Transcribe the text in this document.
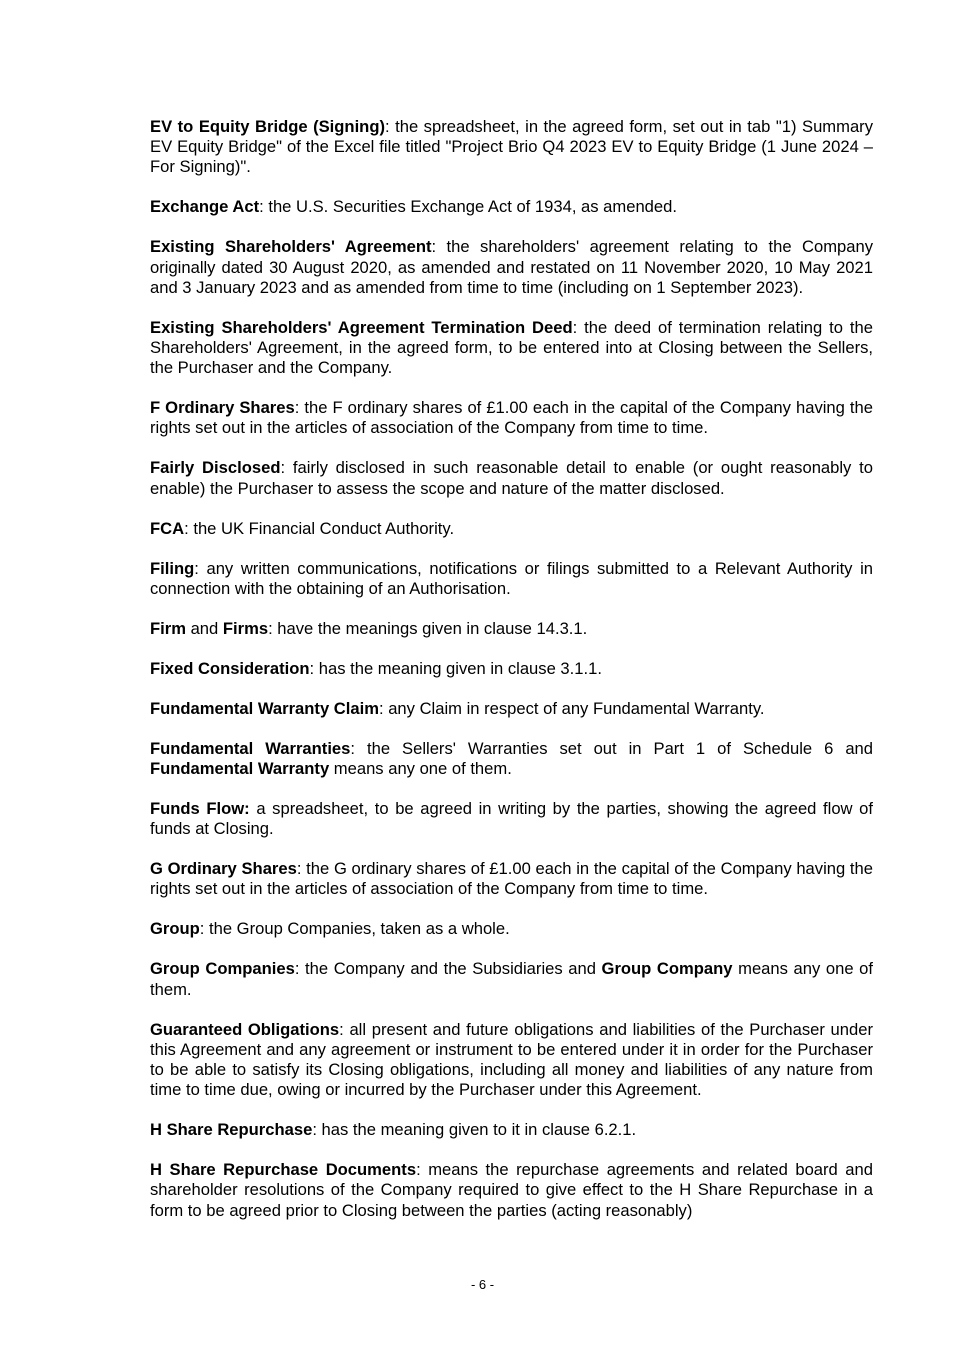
EV to Equity Bridge (Signing): the spreadsheet, in the agreed form, set out in tab "1) Summary EV Equity Bridge" of the Excel file titled "Project Brio Q4 2023 EV to Equity Bridge (1 June 2024 – For Signing)".

Exchange Act: the U.S. Securities Exchange Act of 1934, as amended.

Existing Shareholders' Agreement: the shareholders' agreement relating to the Company originally dated 30 August 2020, as amended and restated on 11 November 2020, 10 May 2021 and 3 January 2023 and as amended from time to time (including on 1 September 2023).

Existing Shareholders' Agreement Termination Deed: the deed of termination relating to the Shareholders' Agreement, in the agreed form, to be entered into at Closing between the Sellers, the Purchaser and the Company.

F Ordinary Shares: the F ordinary shares of £1.00 each in the capital of the Company having the rights set out in the articles of association of the Company from time to time.

Fairly Disclosed: fairly disclosed in such reasonable detail to enable (or ought reasonably to enable) the Purchaser to assess the scope and nature of the matter disclosed.

FCA: the UK Financial Conduct Authority.

Filing: any written communications, notifications or filings submitted to a Relevant Authority in connection with the obtaining of an Authorisation.

Firm and Firms: have the meanings given in clause 14.3.1.

Fixed Consideration: has the meaning given in clause 3.1.1.

Fundamental Warranty Claim: any Claim in respect of any Fundamental Warranty.

Fundamental Warranties: the Sellers' Warranties set out in Part 1 of Schedule 6 and Fundamental Warranty means any one of them.

Funds Flow: a spreadsheet, to be agreed in writing by the parties, showing the agreed flow of funds at Closing.

G Ordinary Shares: the G ordinary shares of £1.00 each in the capital of the Company having the rights set out in the articles of association of the Company from time to time.

Group: the Group Companies, taken as a whole.

Group Companies: the Company and the Subsidiaries and Group Company means any one of them.

Guaranteed Obligations: all present and future obligations and liabilities of the Purchaser under this Agreement and any agreement or instrument to be entered under it in order for the Purchaser to be able to satisfy its Closing obligations, including all money and liabilities of any nature from time to time due, owing or incurred by the Purchaser under this Agreement.

H Share Repurchase: has the meaning given to it in clause 6.2.1.

H Share Repurchase Documents: means the repurchase agreements and related board and shareholder resolutions of the Company required to give effect to the H Share Repurchase in a form to be agreed prior to Closing between the parties (acting reasonably)

- 6 -
